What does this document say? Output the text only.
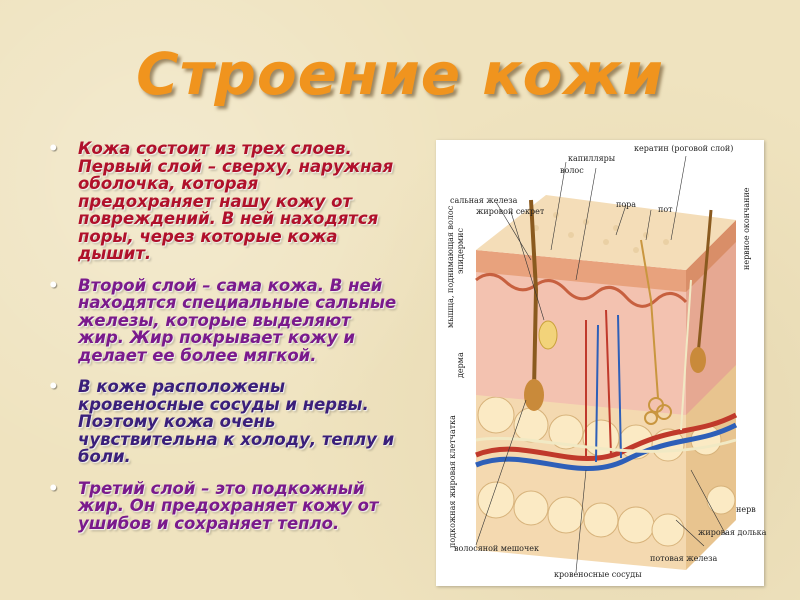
Строение кожи
• Кожа состоит из трех слоев. Первый слой – сверху, наружная оболочка, которая предохраняет нашу кожу от повреждений. В ней находятся поры, через которые кожа дышит.
• Второй слой – сама кожа. В ней находятся специальные сальные железы, которые выделяют жир. Жир покрывает кожу и делает ее более мягкой.
• В коже расположены кровеносные сосуды и нервы. Поэтому кожа очень чувствительна к холоду, теплу и боли.
• Третий слой – это подкожный жир. Он предохраняет кожу от ушибов и сохраняет тепло.
кератин (роговой слой)
капилляры
волос
сальная железа
жировой секрет
пора
пот	нервное окончание
эпидермис
мышца, поднимающая волос
дерма
подкожная жировая клетчатка	нерв
жировая долька
волосяной мешочек
кровеносные сосуды
потовая железа
